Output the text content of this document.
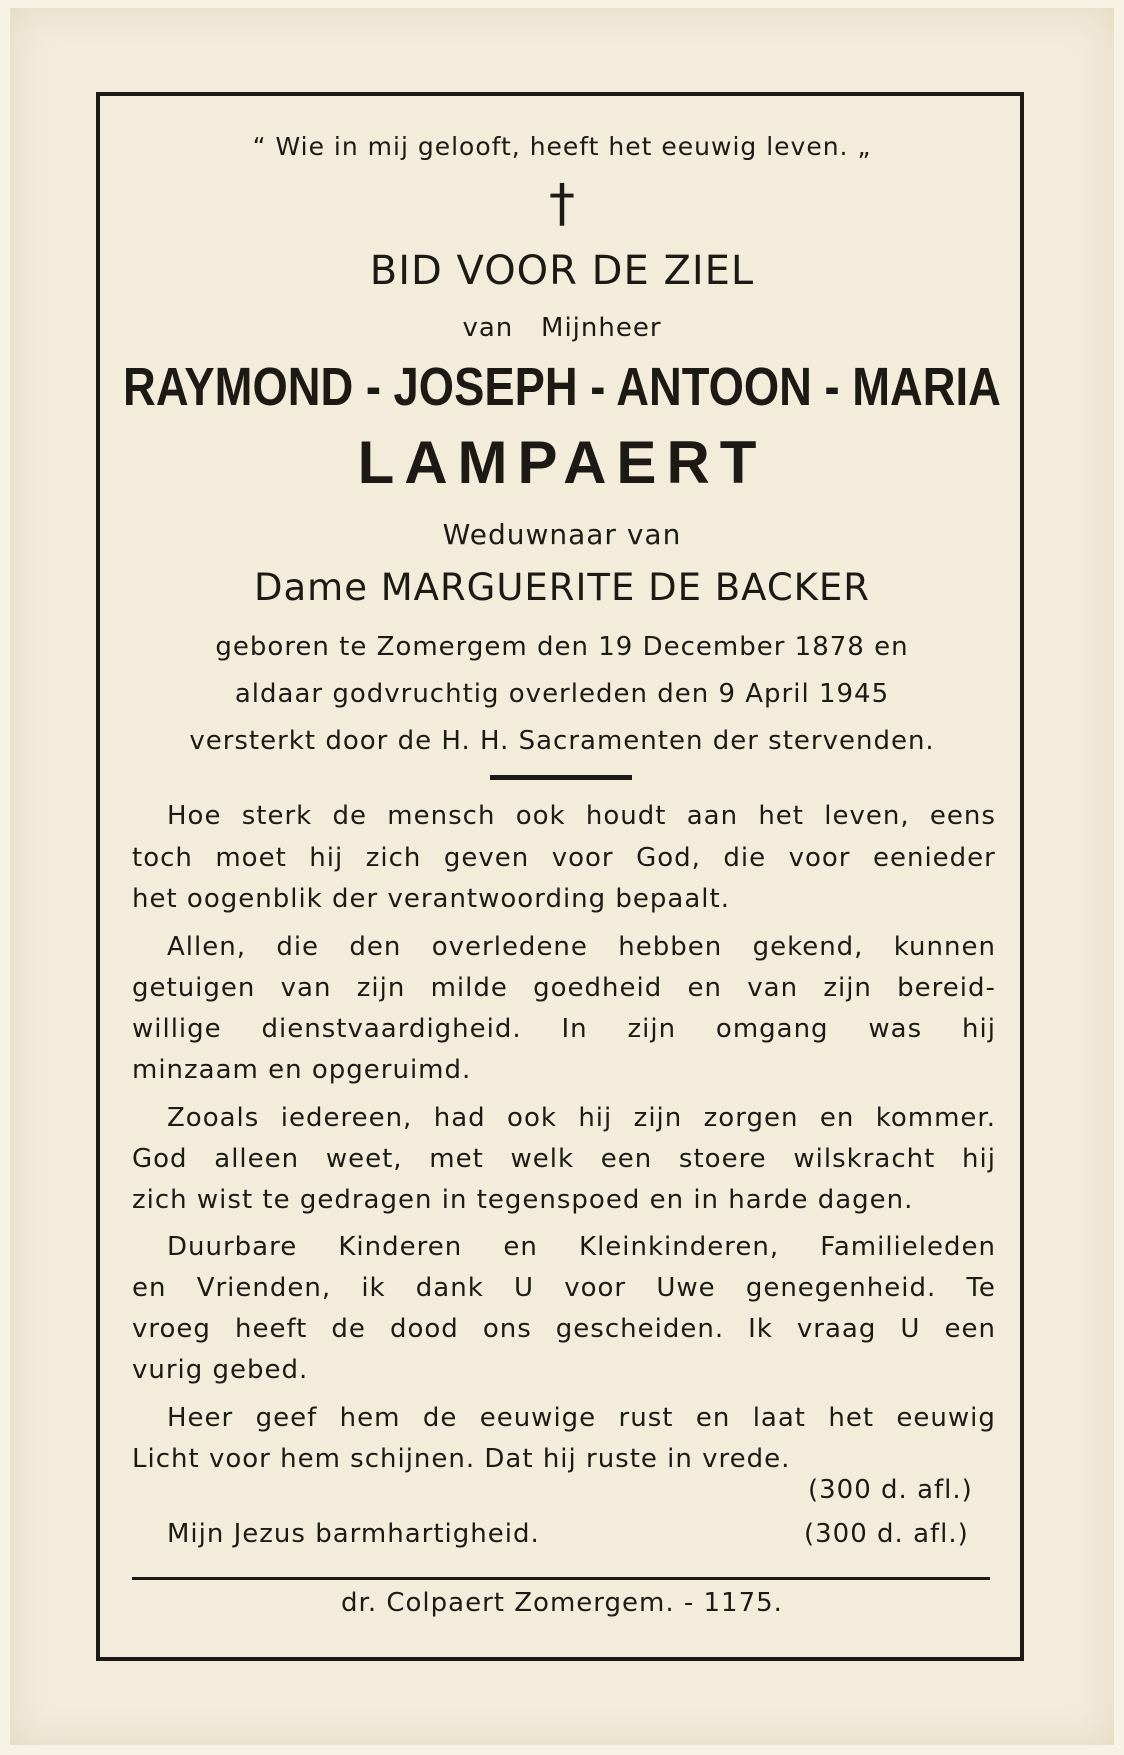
“ Wie in mij gelooft, heeft het eeuwig leven. „
†
BID VOOR DE ZIEL
van   Mijnheer
RAYMOND - JOSEPH - ANTOON - MARIA
LAMPAERT
Weduwnaar van
Dame MARGUERITE DE BACKER
geboren te Zomergem den 19 December 1878 en
aldaar godvruchtig overleden den 9 April 1945
versterkt door de H. H. Sacramenten der stervenden.
Hoe sterk de mensch ook houdt aan het leven, eens
toch moet hij zich geven voor God, die voor eenieder
het oogenblik der verantwoording bepaalt.
Allen, die den overledene hebben gekend, kunnen
getuigen van zijn milde goedheid en van zijn bereid-
willige dienstvaardigheid. In zijn omgang was hij
minzaam en opgeruimd.
Zooals iedereen, had ook hij zijn zorgen en kommer.
God alleen weet, met welk een stoere wilskracht hij
zich wist te gedragen in tegenspoed en in harde dagen.
Duurbare Kinderen en Kleinkinderen, Familieleden
en Vrienden, ik dank U voor Uwe genegenheid. Te
vroeg heeft de dood ons gescheiden. Ik vraag U een
vurig gebed.
Heer geef hem de eeuwige rust en laat het eeuwig
Licht voor hem schijnen. Dat hij ruste in vrede.
(300 d. afl.)
Mijn Jezus barmhartigheid.	(300 d. afl.)
dr. Colpaert Zomergem. - 1175.
